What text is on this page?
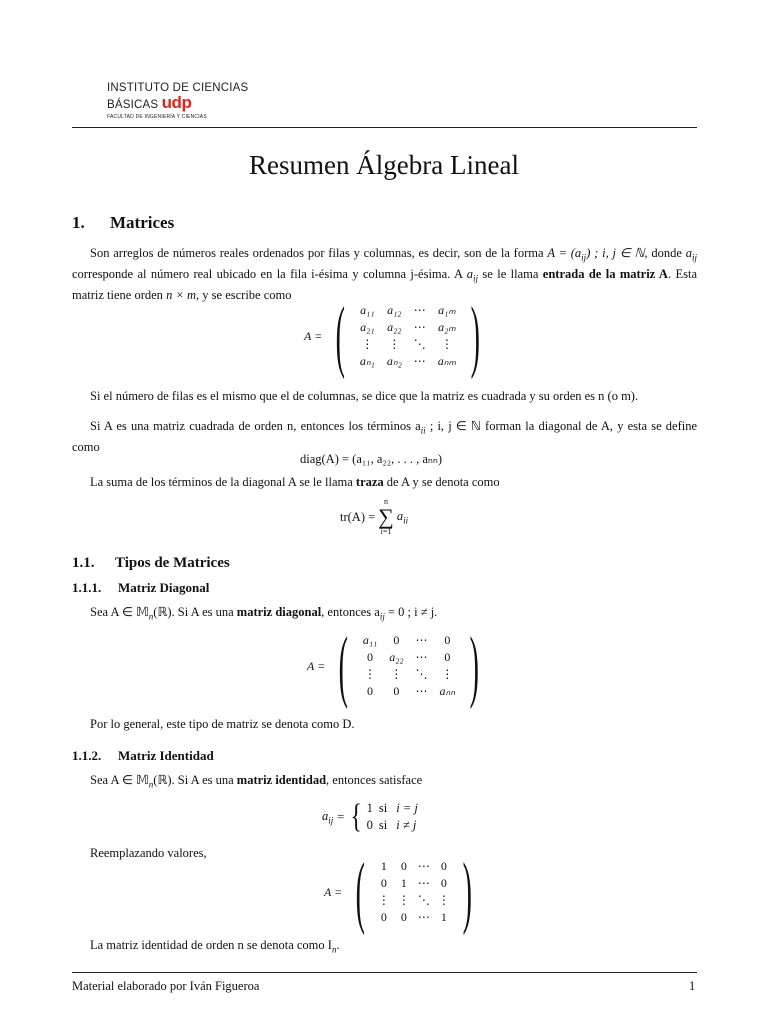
INSTITUTO DE CIENCIAS
BÁSICAS udp
FACULTAD DE INGENIERÍA Y CIENCIAS
Resumen Álgebra Lineal
1. Matrices
Son arreglos de números reales ordenados por filas y columnas, es decir, son de la forma $A = (a_{ij})$ ; i, j ∈ ℕ, donde $a_{ij}$ corresponde al número real ubicado en la fila i-ésima y columna j-ésima. A $a_{ij}$ se le llama entrada de la matriz A. Esta matriz tiene orden n × m, y se escribe como
A = ( a₁₁	a₁₂	⋯	a₁ₘ
a₂₁	a₂₂	⋯	a₂ₘ
⋮	⋮	⋱	⋮
aₙ₁	aₙ₂	⋯	aₙₘ )
Si el número de filas es el mismo que el de columnas, se dice que la matriz es cuadrada y su orden es n (o m).
Si A es una matriz cuadrada de orden n, entonces los términos $a_{ii}$ ; i, j ∈ ℕ forman la diagonal de A, y esta se define como
diag(A) = (a₁₁, a₂₂, . . . , aₙₙ)
La suma de los términos de la diagonal A se le llama traza de A y se denota como
tr(A) =
n
∑
i=1
$a_{ii}$
1.1. Tipos de Matrices
1.1.1. Matriz Diagonal
Sea A ∈ 𝕄$_n$(ℝ). Si A es una matriz diagonal, entonces $a_{ij} = 0$ ; i ≠ j.
A = ( a₁₁	0	⋯	0
0	a₂₂	⋯	0
⋮	⋮	⋱	⋮
0	0	⋯	aₙₙ )
Por lo general, este tipo de matriz se denota como D.
1.1.2. Matriz Identidad
Sea A ∈ 𝕄$_n$(ℝ). Si A es una matriz identidad, entonces satisface
$a_{ij}$ = { 1	si	i = j
0	si	i ≠ j
Reemplazando valores,
A = ( 1	0	⋯	0
0	1	⋯	0
⋮	⋮	⋱	⋮
0	0	⋯	1 )
La matriz identidad de orden n se denota como $I_n$.
Material elaborado por Iván Figueroa	1
